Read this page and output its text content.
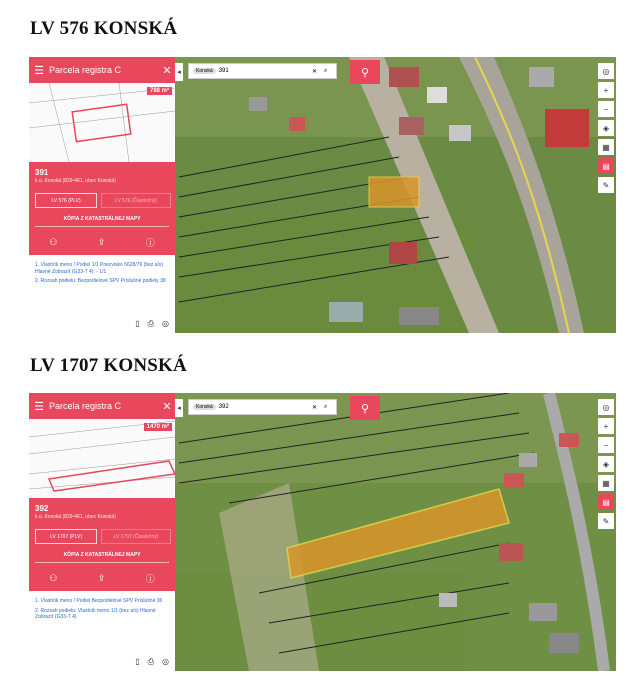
LV 576 KONSKÁ
☰ Parcela registra C	✕
788 m²
391
k.ú. Konská (829-461, obec Konská)
LV 576 (PLV)	LV 576 (Čiastočný)
KÓPIA Z KATASTRÁLNEJ MAPY
⚇	⇪	ⓘ

1. Vlastník meno / Podiel 1/1 Priezvisko 5628/76 (bez a/s) Hlavné Zobraziť (G33-T 4): - 1/1

2. Rozsah podielu: Bezpodielové SPV Príslušné podiely 38

▯ ⎙ ◎
◂	Konská	391	✕	⌕	⚲	◎
+
−
◈
▦
▤
✎
LV 1707 KONSKÁ
☰ Parcela registra C	✕
1470 m²
392
k.ú. Konská (829-461, obec Konská)
LV 1707 (PLV)	LV 1707 (Čiastočný)
KÓPIA Z KATASTRÁLNEJ MAPY
⚇	⇪	ⓘ

1. Vlastník meno / Podiel Bezpodielové SPV Príslušné 36

2. Rozsah podielu: Vlastník meno 1/1 (bez a/s) Hlavné Zobraziť (G33-T 4)

▯ ⎙ ◎
◂	Konská	392	✕	⌕	⚲	◎
+
−
◈
▦
▤
✎
